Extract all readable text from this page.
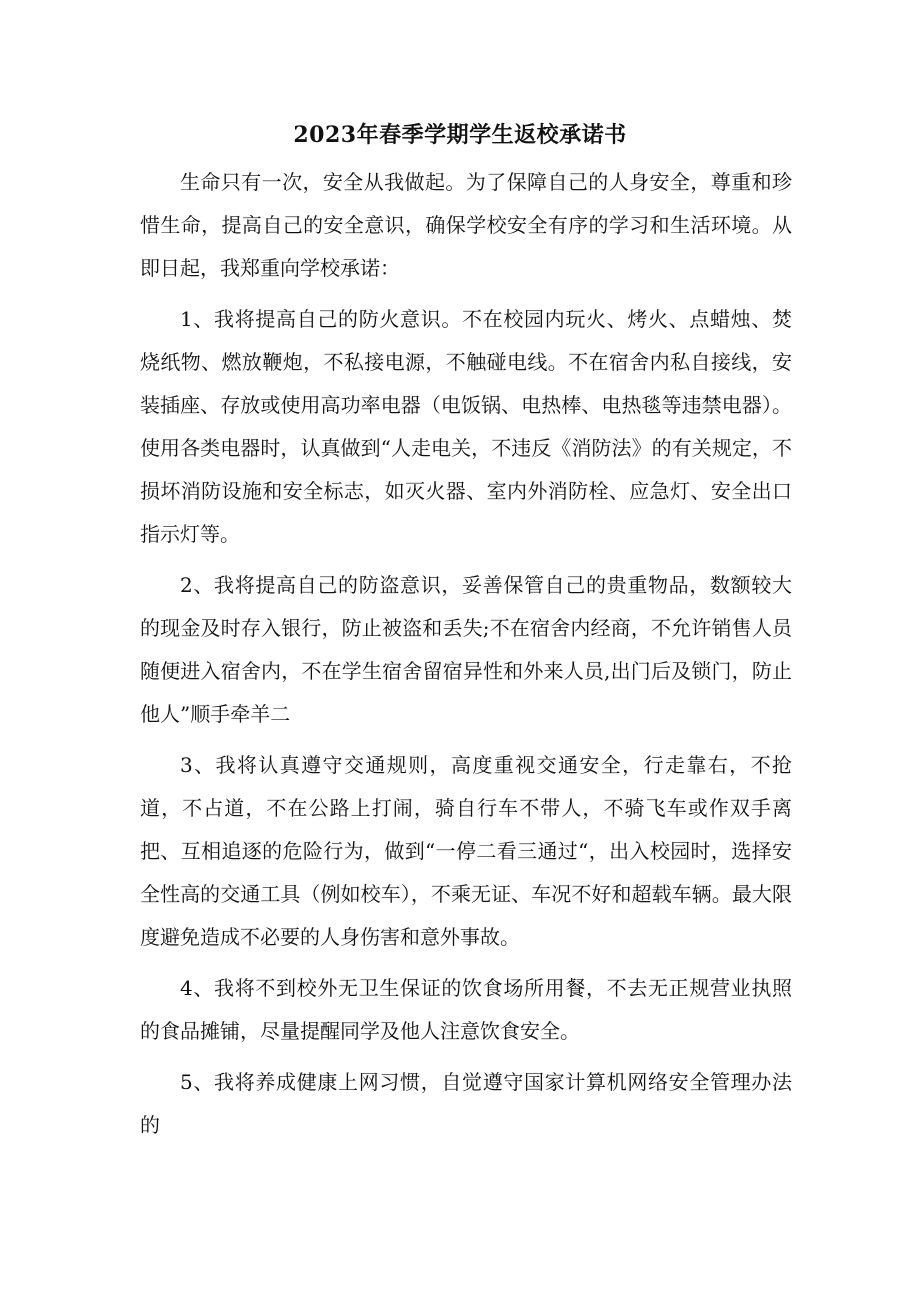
2023年春季学期学生返校承诺书

生命只有一次，安全从我做起。为了保障自己的人身安全，尊重和珍惜生命，提高自己的安全意识，确保学校安全有序的学习和生活环境。从即日起，我郑重向学校承诺：

1、我将提高自己的防火意识。不在校园内玩火、烤火、点蜡烛、焚烧纸物、燃放鞭炮，不私接电源，不触碰电线。不在宿舍内私自接线，安装插座、存放或使用高功率电器（电饭锅、电热棒、电热毯等违禁电器）。使用各类电器时，认真做到“人走电关，不违反《消防法》的有关规定，不损坏消防设施和安全标志，如灭火器、室内外消防栓、应急灯、安全出口指示灯等。

2、我将提高自己的防盗意识，妥善保管自己的贵重物品，数额较大的现金及时存入银行，防止被盗和丢失;不在宿舍内经商，不允许销售人员随便进入宿舍内，不在学生宿舍留宿异性和外来人员,出门后及锁门，防止他人”顺手牵羊二

3、我将认真遵守交通规则，高度重视交通安全，行走靠右，不抢道，不占道，不在公路上打闹，骑自行车不带人，不骑飞车或作双手离把、互相追逐的危险行为，做到“一停二看三通过“，出入校园时，选择安全性高的交通工具（例如校车），不乘无证、车况不好和超载车辆。最大限度避免造成不必要的人身伤害和意外事故。

4、我将不到校外无卫生保证的饮食场所用餐，不去无正规营业执照的食品摊铺，尽量提醒同学及他人注意饮食安全。

5、我将养成健康上网习惯，自觉遵守国家计算机网络安全管理办法的
